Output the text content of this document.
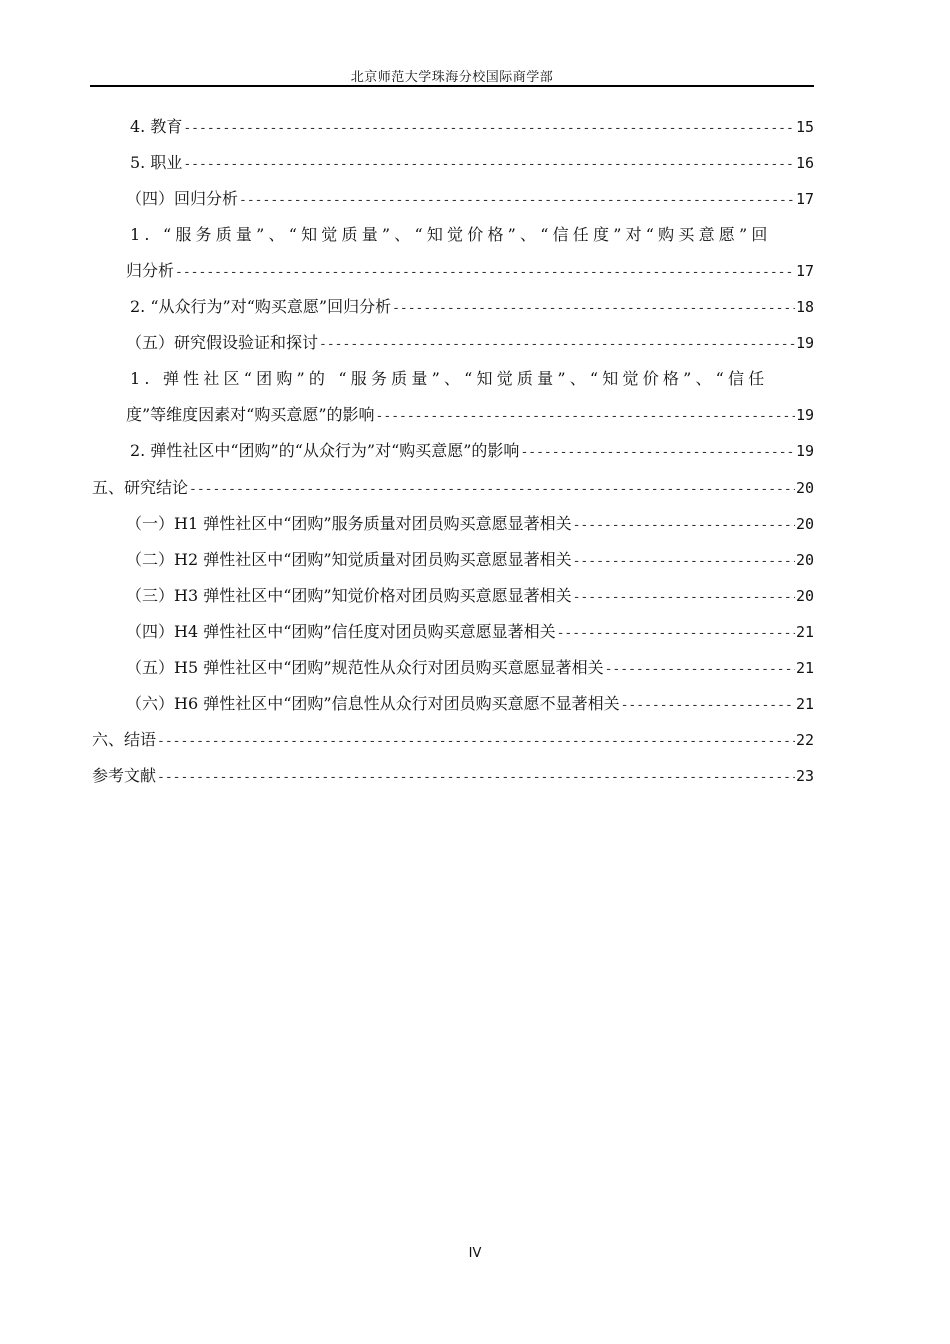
北京师范大学珠海分校国际商学部
4. 教育 -----	15
5. 职业 -----	16
（四）回归分析 -----	17
1. “服务质量”、“知觉质量”、“知觉价格”、“信任度”对“购买意愿”回
归分析 -----	17
2. “从众行为”对“购买意愿”回归分析 -----	18
（五）研究假设验证和探讨 -----	19
1. 弹性社区“团购”的 “服务质量”、“知觉质量”、“知觉价格”、“信任
度”等维度因素对“购买意愿”的影响 -----	19
2. 弹性社区中“团购”的“从众行为”对“购买意愿”的影响 -----	19
五、研究结论 -----	20
（一）H1 弹性社区中“团购”服务质量对团员购买意愿显著相关 -----	20
（二）H2 弹性社区中“团购”知觉质量对团员购买意愿显著相关 -----	20
（三）H3 弹性社区中“团购”知觉价格对团员购买意愿显著相关 -----	20
（四）H4 弹性社区中“团购”信任度对团员购买意愿显著相关 -----	21
（五）H5 弹性社区中“团购”规范性从众行对团员购买意愿显著相关 -----	21
（六）H6 弹性社区中“团购”信息性从众行对团员购买意愿不显著相关 -----	21
六、结语 -----	22
参考文献 -----	23
IV
